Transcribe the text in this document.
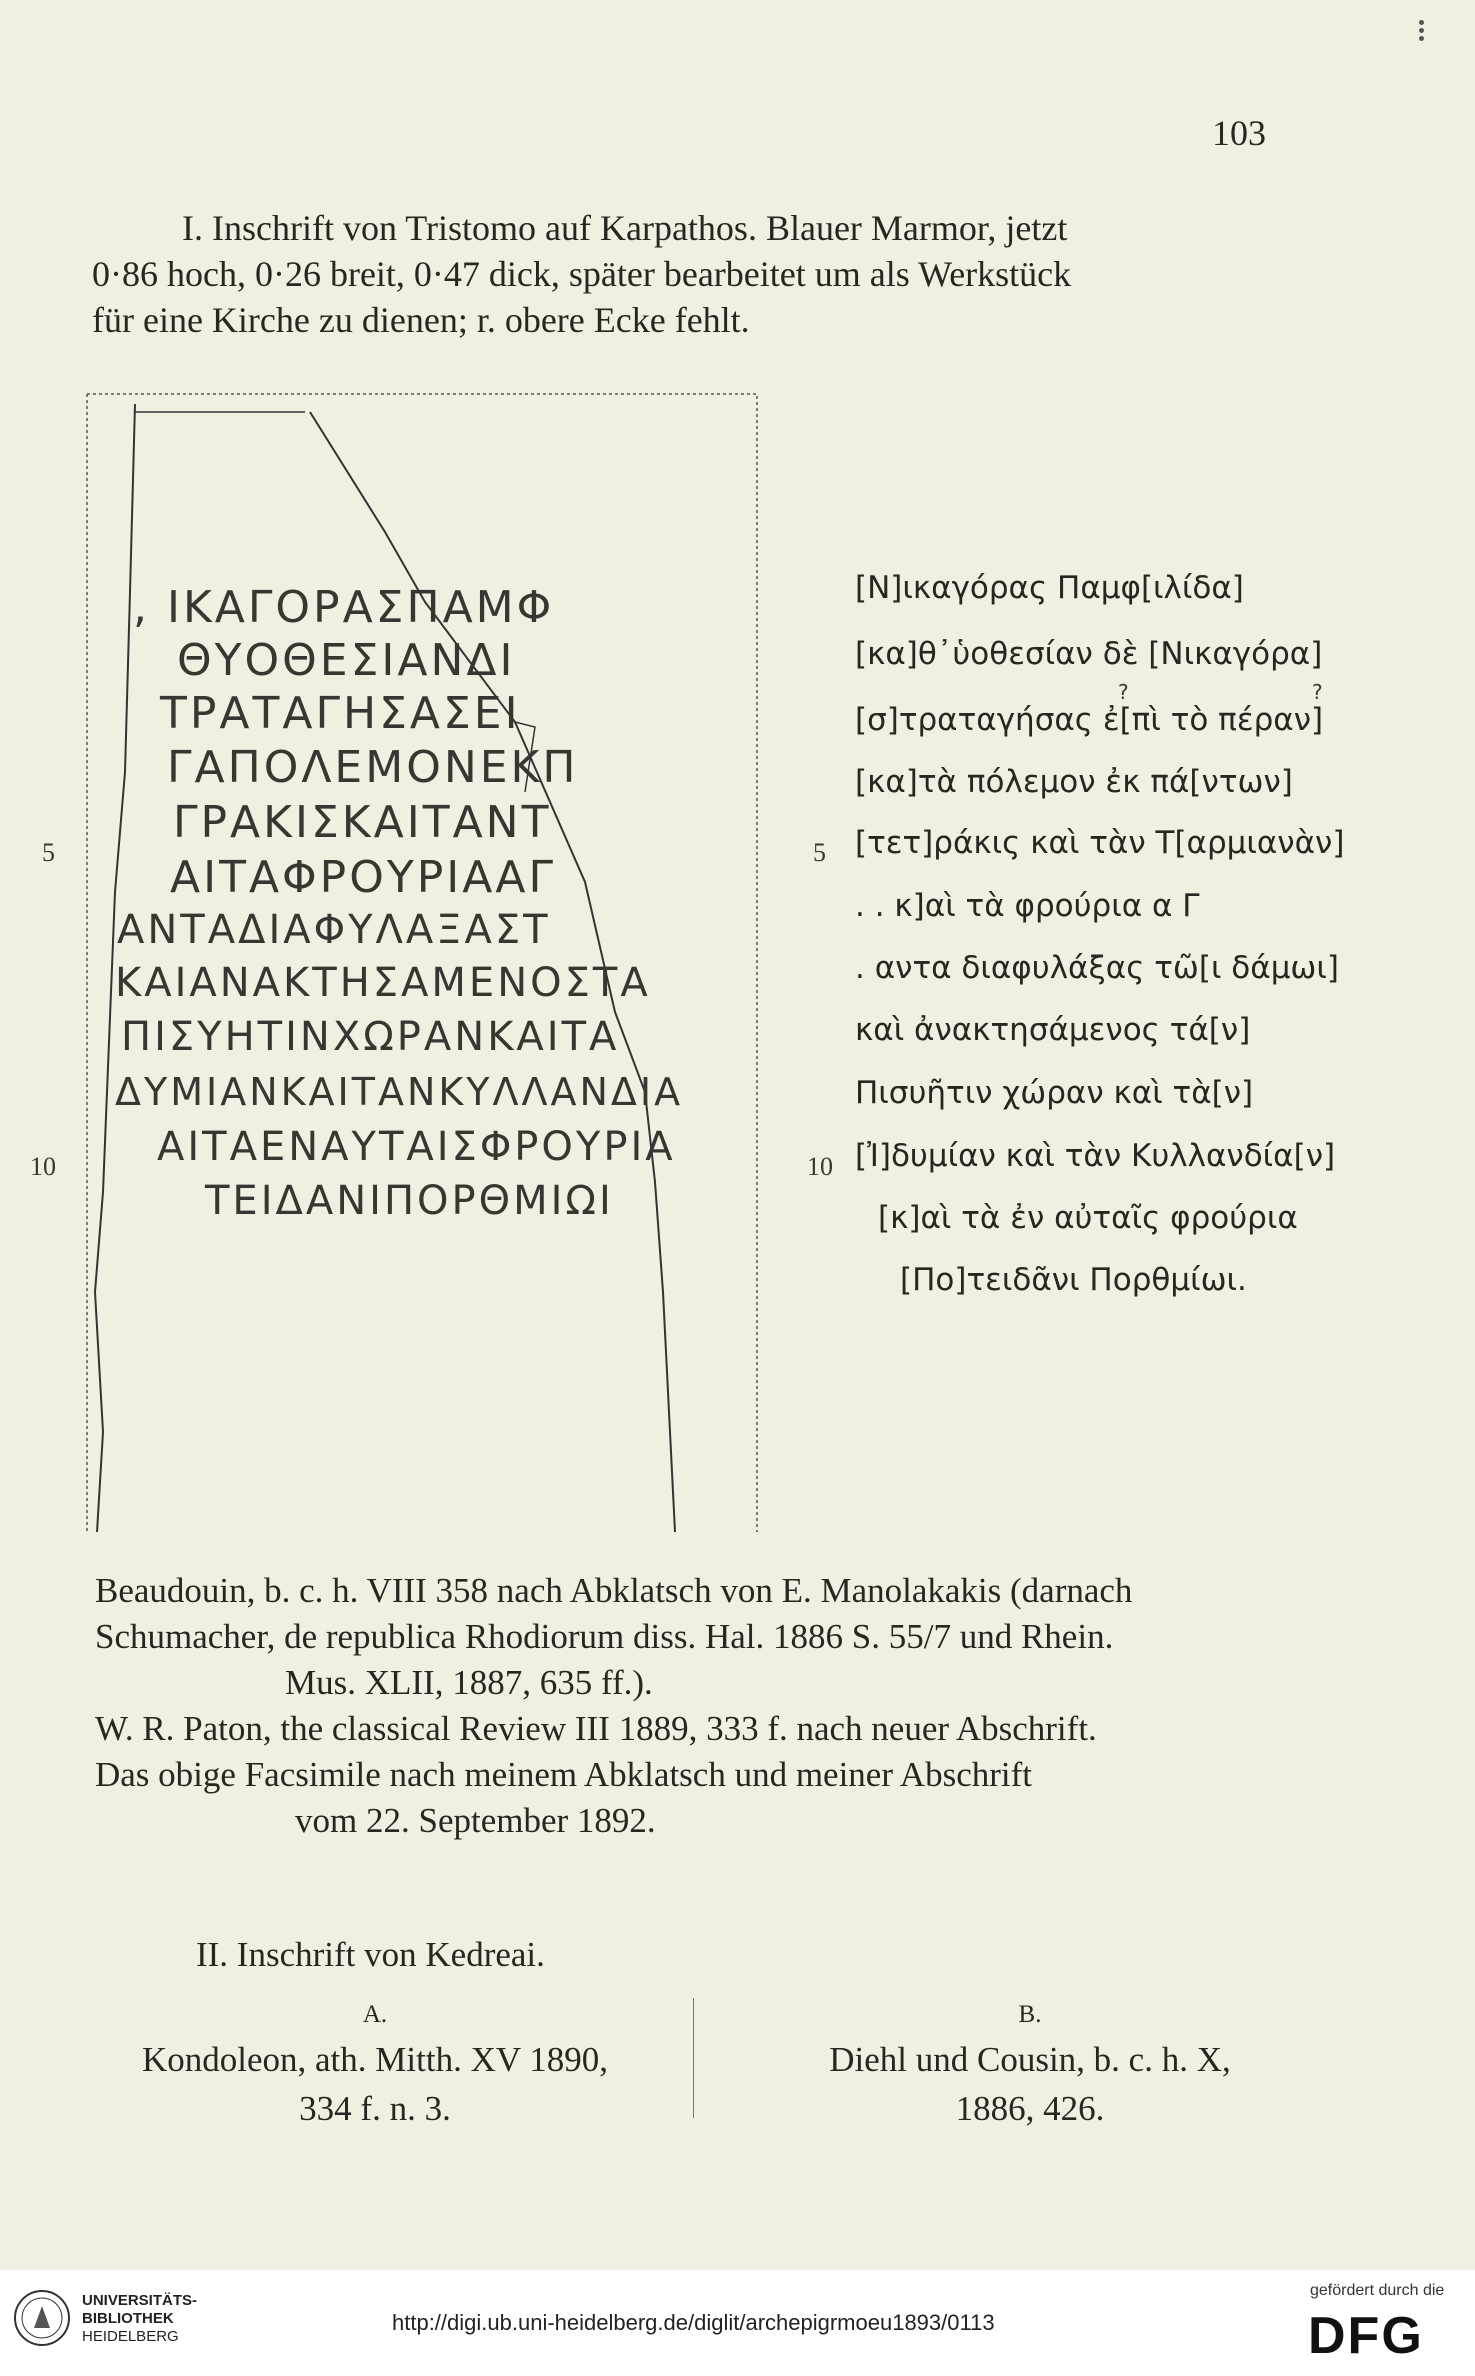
103

I. Inschrift von Tristomo auf Karpathos. Blauer Marmor, jetzt

0·86 hoch, 0·26 breit, 0·47 dick, später bearbeitet um als Werkstück

für eine Kirche zu dienen; r. obere Ecke fehlt.

, ΙΚΑΓΟΡΑΣΠΑΜΦ
ΘΥΟΘΕΣΙΑΝΔΙ
ΤΡΑΤΑΓΗΣΑΣΕΙ
ΓΑΠΟΛΕΜΟΝΕΚΠ
ΓΡΑΚΙΣΚΑΙΤΑΝΤ
ΑΙΤΑΦΡΟΥΡΙΑΑΓ
ΑΝΤΑΔΙΑΦΥΛΑΞΑΣΤ
ΚΑΙΑΝΑΚΤΗΣΑΜΕΝΟΣΤΑ
ΠΙΣΥΗΤΙΝΧΩΡΑΝΚΑΙΤΑ
ΔΥΜΙΑΝΚΑΙΤΑΝΚΥΛΛΑΝΔΙΑ
ΑΙΤΑΕΝΑΥΤΑΙΣΦΡΟΥΡΙΑ
ΤΕΙΔΑΝΙΠΟΡΘΜΙΩΙ
5
10
[Ν]ικαγόρας Παμφ[ιλίδα]
[κα]θ᾽ὑοθεσίαν δὲ [Νικαγόρα]
[σ]τραταγήσας ἐ[πὶ τὸ πέραν]
[κα]τὰ πόλεμον ἐκ πά[ντων]
[τετ]ράκις καὶ τὰν Τ[αρμιανὰν]
. . κ]αὶ τὰ φρούρια α Γ
. αντα διαφυλάξας τῶ[ι δάμωι]
καὶ ἀνακτησάμενος τά[ν]
Πισυῆτιν χώραν καὶ τὰ[ν]
[Ἰ]δυμίαν καὶ τὰν Κυλλανδία[ν]
[κ]αὶ τὰ ἐν αὐταῖς φρούρια
[Πο]τειδᾶνι Πορθμίωι.
?	?
5
10

Beaudouin, b. c. h. VIII 358 nach Abklatsch von E. Manolakakis (darnach

Schumacher, de republica Rhodiorum diss. Hal. 1886 S. 55/7 und Rhein.

Mus. XLII, 1887, 635 ff.).

W. R. Paton, the classical Review III 1889, 333 f. nach neuer Abschrift.

Das obige Facsimile nach meinem Abklatsch und meiner Abschrift

vom 22. September 1892.

II. Inschrift von Kedreai.
A.
Kondoleon, ath. Mitth. XV 1890,
334 f. n. 3.
B.
Diehl und Cousin, b. c. h. X,
1886, 426.
UNIVERSITÄTS-
BIBLIOTHEK
HEIDELBERG
http://digi.ub.uni-heidelberg.de/diglit/archepigrmoeu1893/0113
gefördert durch die
DFG
